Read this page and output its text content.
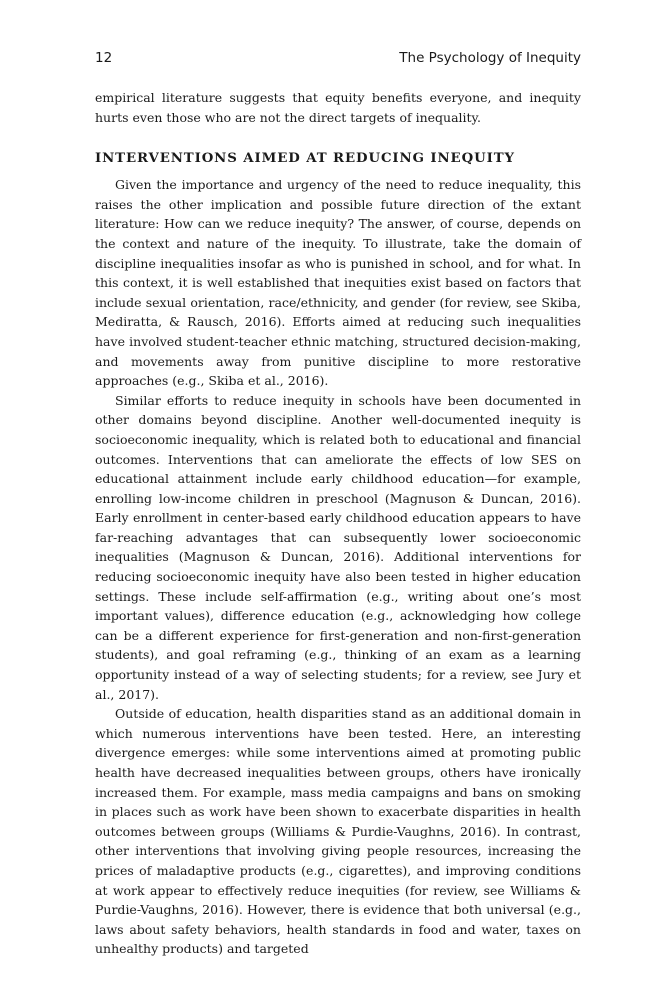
12	The Psychology of Inequity

empirical literature suggests that equity benefits everyone, and inequity hurts even those who are not the direct targets of inequality.

INTERVENTIONS AIMED AT REDUCING INEQUITY

Given the importance and urgency of the need to reduce inequality, this raises the other implication and possible future direction of the extant literature: How can we reduce inequity? The answer, of course, depends on the context and nature of the inequity. To illustrate, take the domain of discipline inequalities insofar as who is punished in school, and for what. In this context, it is well established that inequities exist based on factors that include sexual orientation, race/ethnicity, and gender (for review, see Skiba, Mediratta, & Rausch, 2016). Efforts aimed at reducing such inequalities have involved student-teacher ethnic matching, structured decision-making, and movements away from punitive discipline to more restorative approaches (e.g., Skiba et al., 2016).

Similar efforts to reduce inequity in schools have been documented in other domains beyond discipline. Another well-documented inequity is socioeconomic inequality, which is related both to educational and financial outcomes. Interventions that can ameliorate the effects of low SES on educational attainment include early childhood education—for example, enrolling low-income children in preschool (Magnuson & Duncan, 2016). Early enrollment in center-based early childhood education appears to have far-reaching advantages that can subsequently lower socioeconomic inequalities (Magnuson & Duncan, 2016). Additional interventions for reducing socioeconomic inequity have also been tested in higher education settings. These include self-affirmation (e.g., writing about one’s most important values), difference education (e.g., acknowledging how college can be a different experience for first-generation and non-first-generation students), and goal reframing (e.g., thinking of an exam as a learning opportunity instead of a way of selecting students; for a review, see Jury et al., 2017).

Outside of education, health disparities stand as an additional domain in which numerous interventions have been tested. Here, an interesting divergence emerges: while some interventions aimed at promoting public health have decreased inequalities between groups, others have ironically increased them. For example, mass media campaigns and bans on smoking in places such as work have been shown to exacerbate disparities in health outcomes between groups (Williams & Purdie-Vaughns, 2016). In contrast, other interventions that involving giving people resources, increasing the prices of maladaptive products (e.g., cigarettes), and improving conditions at work appear to effectively reduce inequities (for review, see Williams & Purdie-Vaughns, 2016). However, there is evidence that both universal (e.g., laws about safety behaviors, health standards in food and water, taxes on unhealthy products) and targeted
